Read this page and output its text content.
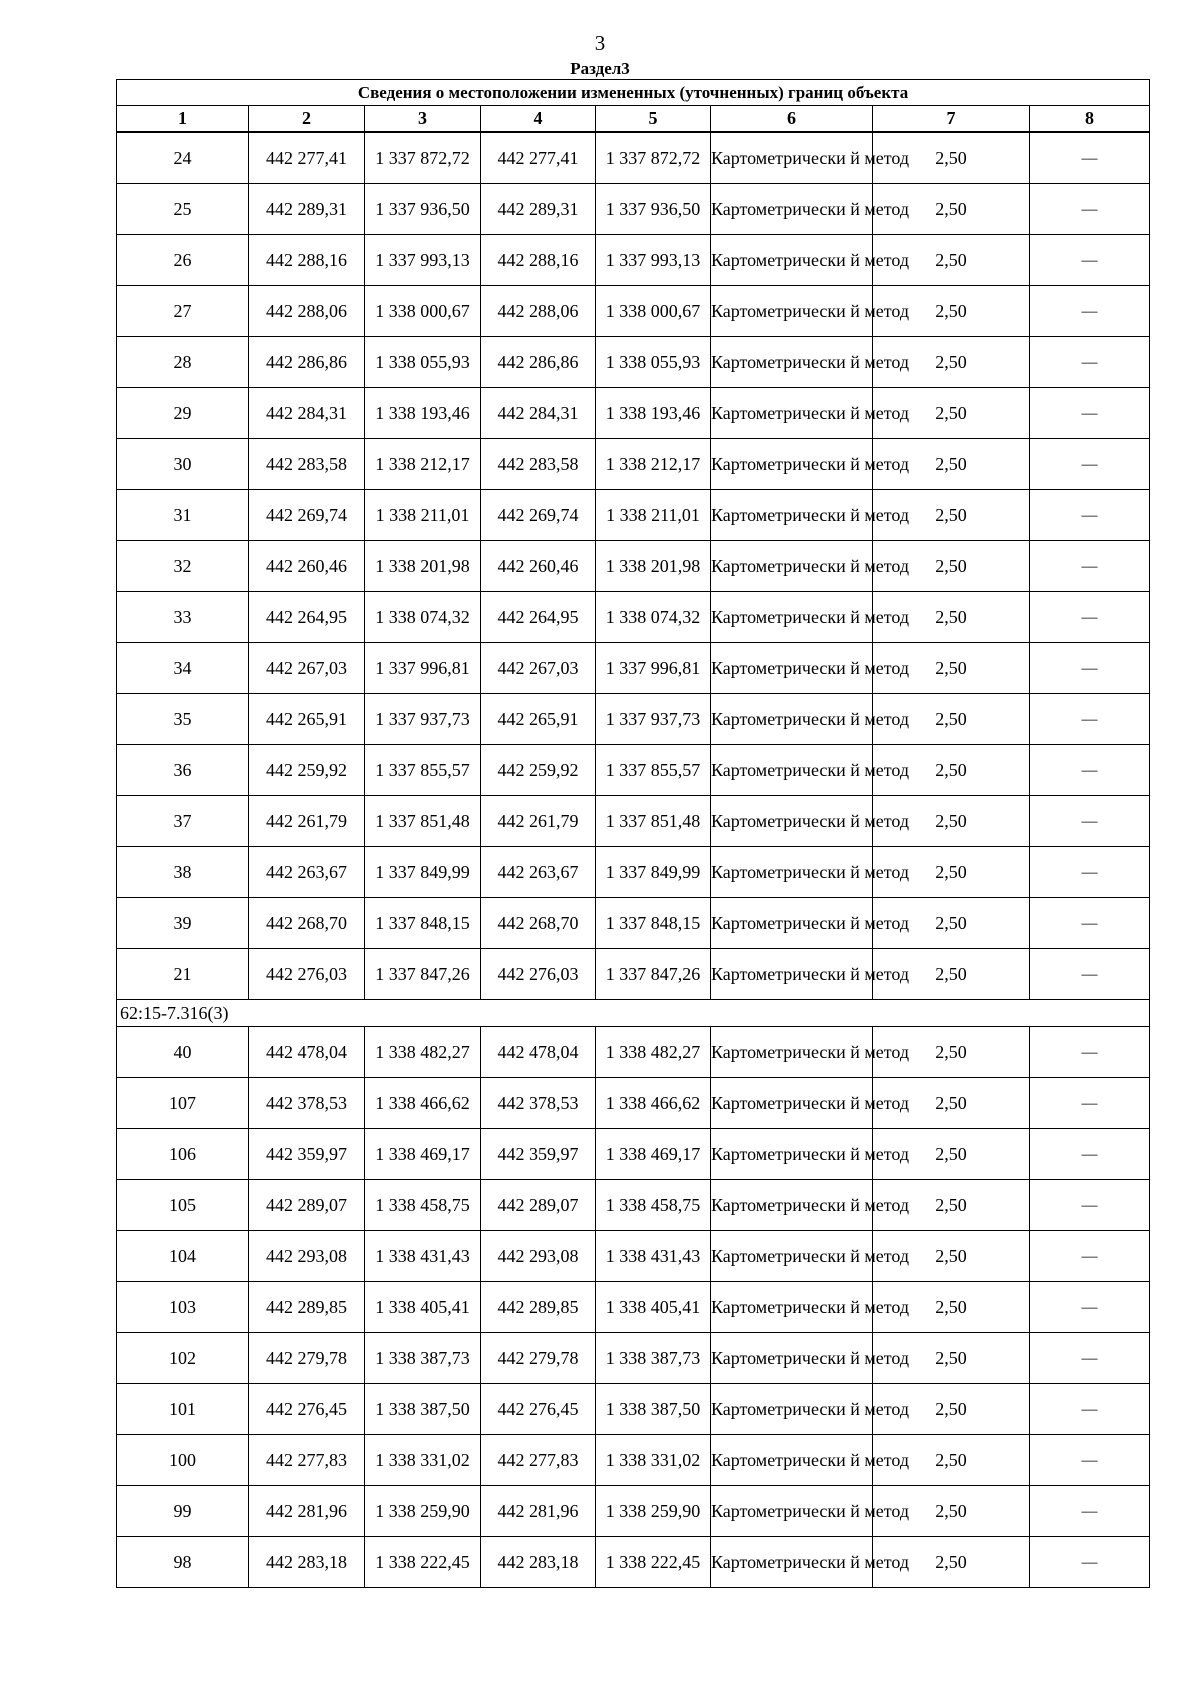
3
Раздел3
Сведения о местоположении измененных (уточненных) границ объекта							
1	2	3	4	5	6	7	8
24	442 277,41	1 337 872,72	442 277,41	1 337 872,72	Картометрически й метод	2,50	—
25	442 289,31	1 337 936,50	442 289,31	1 337 936,50	Картометрически й метод	2,50	—
26	442 288,16	1 337 993,13	442 288,16	1 337 993,13	Картометрически й метод	2,50	—
27	442 288,06	1 338 000,67	442 288,06	1 338 000,67	Картометрически й метод	2,50	—
28	442 286,86	1 338 055,93	442 286,86	1 338 055,93	Картометрически й метод	2,50	—
29	442 284,31	1 338 193,46	442 284,31	1 338 193,46	Картометрически й метод	2,50	—
30	442 283,58	1 338 212,17	442 283,58	1 338 212,17	Картометрически й метод	2,50	—
31	442 269,74	1 338 211,01	442 269,74	1 338 211,01	Картометрически й метод	2,50	—
32	442 260,46	1 338 201,98	442 260,46	1 338 201,98	Картометрически й метод	2,50	—
33	442 264,95	1 338 074,32	442 264,95	1 338 074,32	Картометрически й метод	2,50	—
34	442 267,03	1 337 996,81	442 267,03	1 337 996,81	Картометрически й метод	2,50	—
35	442 265,91	1 337 937,73	442 265,91	1 337 937,73	Картометрически й метод	2,50	—
36	442 259,92	1 337 855,57	442 259,92	1 337 855,57	Картометрически й метод	2,50	—
37	442 261,79	1 337 851,48	442 261,79	1 337 851,48	Картометрически й метод	2,50	—
38	442 263,67	1 337 849,99	442 263,67	1 337 849,99	Картометрически й метод	2,50	—
39	442 268,70	1 337 848,15	442 268,70	1 337 848,15	Картометрически й метод	2,50	—
21	442 276,03	1 337 847,26	442 276,03	1 337 847,26	Картометрически й метод	2,50	—
62:15-7.316(3)							
40	442 478,04	1 338 482,27	442 478,04	1 338 482,27	Картометрически й метод	2,50	—
107	442 378,53	1 338 466,62	442 378,53	1 338 466,62	Картометрически й метод	2,50	—
106	442 359,97	1 338 469,17	442 359,97	1 338 469,17	Картометрически й метод	2,50	—
105	442 289,07	1 338 458,75	442 289,07	1 338 458,75	Картометрически й метод	2,50	—
104	442 293,08	1 338 431,43	442 293,08	1 338 431,43	Картометрически й метод	2,50	—
103	442 289,85	1 338 405,41	442 289,85	1 338 405,41	Картометрически й метод	2,50	—
102	442 279,78	1 338 387,73	442 279,78	1 338 387,73	Картометрически й метод	2,50	—
101	442 276,45	1 338 387,50	442 276,45	1 338 387,50	Картометрически й метод	2,50	—
100	442 277,83	1 338 331,02	442 277,83	1 338 331,02	Картометрически й метод	2,50	—
99	442 281,96	1 338 259,90	442 281,96	1 338 259,90	Картометрически й метод	2,50	—
98	442 283,18	1 338 222,45	442 283,18	1 338 222,45	Картометрически й метод	2,50	—
